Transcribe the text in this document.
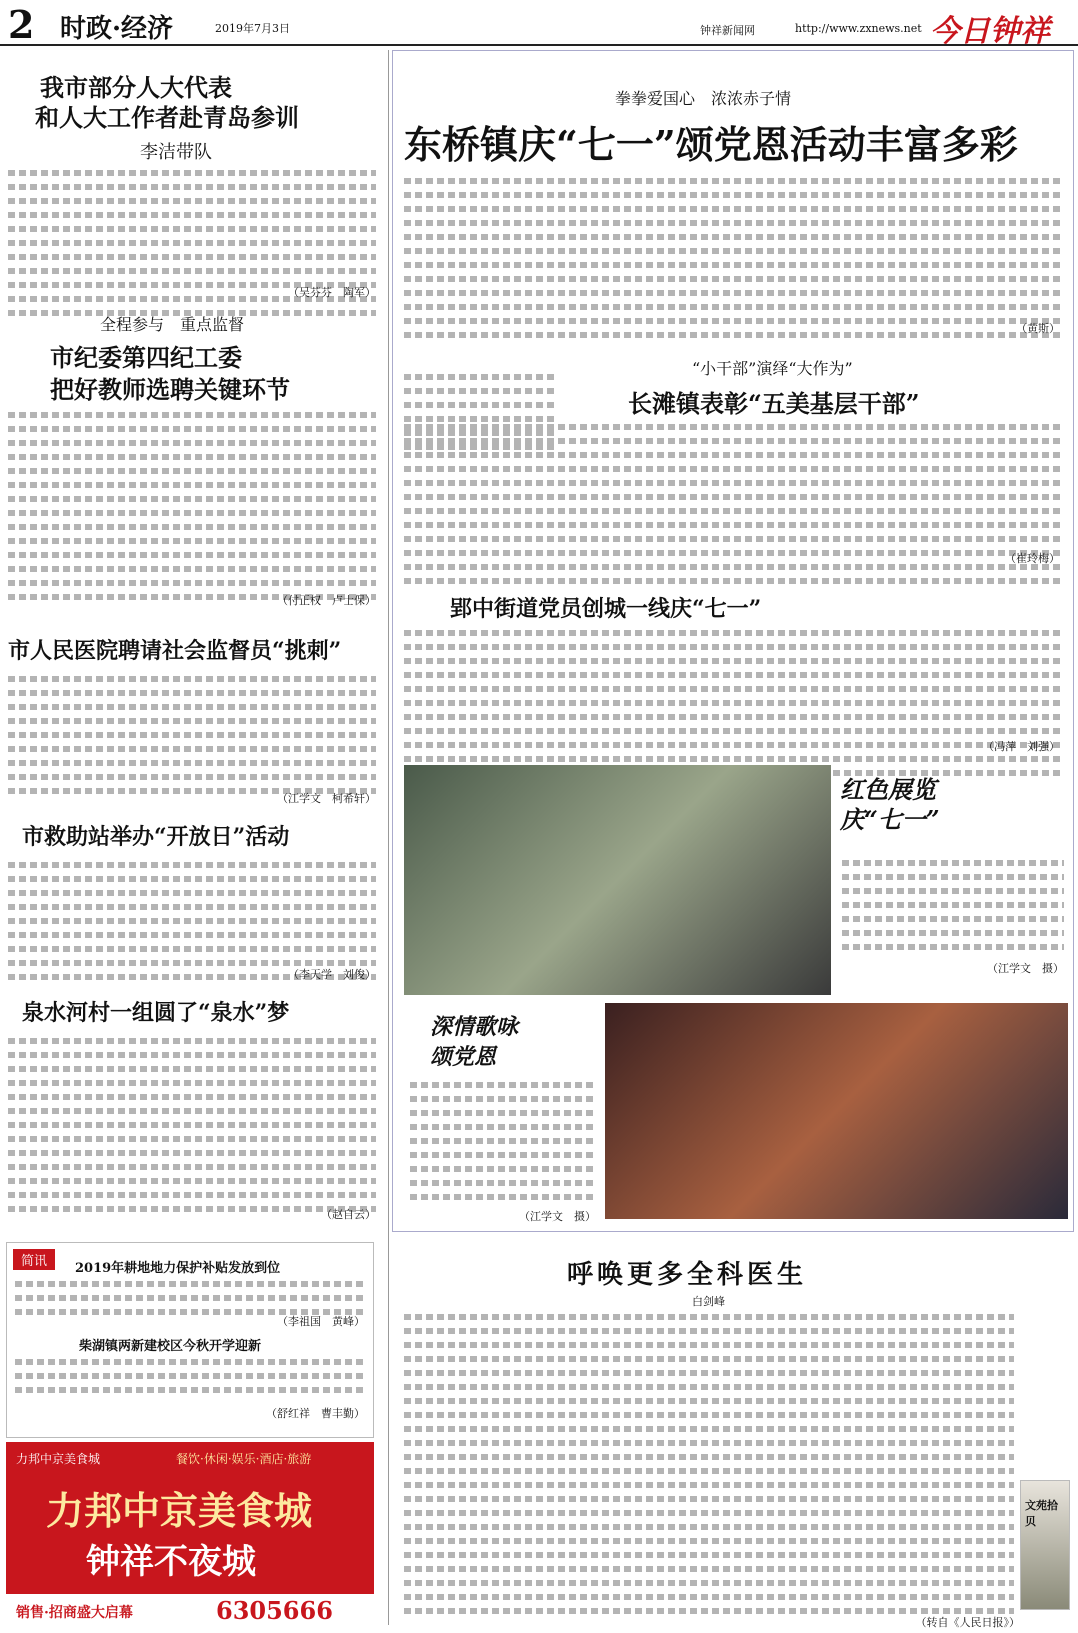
2 时政·经济	2019年7月3日	钟祥新闻网	http://www.zxnews.net 今日钟祥
我市部分人大代表
和人大工作者赴青岛参训
李洁带队
（吴芬芬　陶军）
全程参与　重点监督
市纪委第四纪工委
把好教师选聘关键环节
（付正权　卢士保）
市人民医院聘请社会监督员“挑刺”
（江学文　柯希轩）
市救助站举办“开放日”活动
（李天学　刘俊）
泉水河村一组圆了“泉水”梦
（赵自云）
简讯	2019年耕地地力保护补贴发放到位
（李祖国　黄峰）
柴湖镇两新建校区今秋开学迎新
（舒红祥　曹丰勤）
力邦中京美食城	餐饮·休闲·娱乐·酒店·旅游
力邦中京美食城
钟祥不夜城
销售·招商盛大启幕	6305666
拳拳爱国心　浓浓赤子情
东桥镇庆“七一”颂党恩活动丰富多彩
（黄斯）
“小干部”演绎“大作为”
长滩镇表彰“五美基层干部”
（崔玲梅）
郢中街道党员创城一线庆“七一”
（冯萍　刘强）
红色展览
庆“七一”
（江学文　摄）
深情歌咏
颂党恩
（江学文　摄）
呼唤更多全科医生
白剑峰
文苑拾贝
（转自《人民日报》）
